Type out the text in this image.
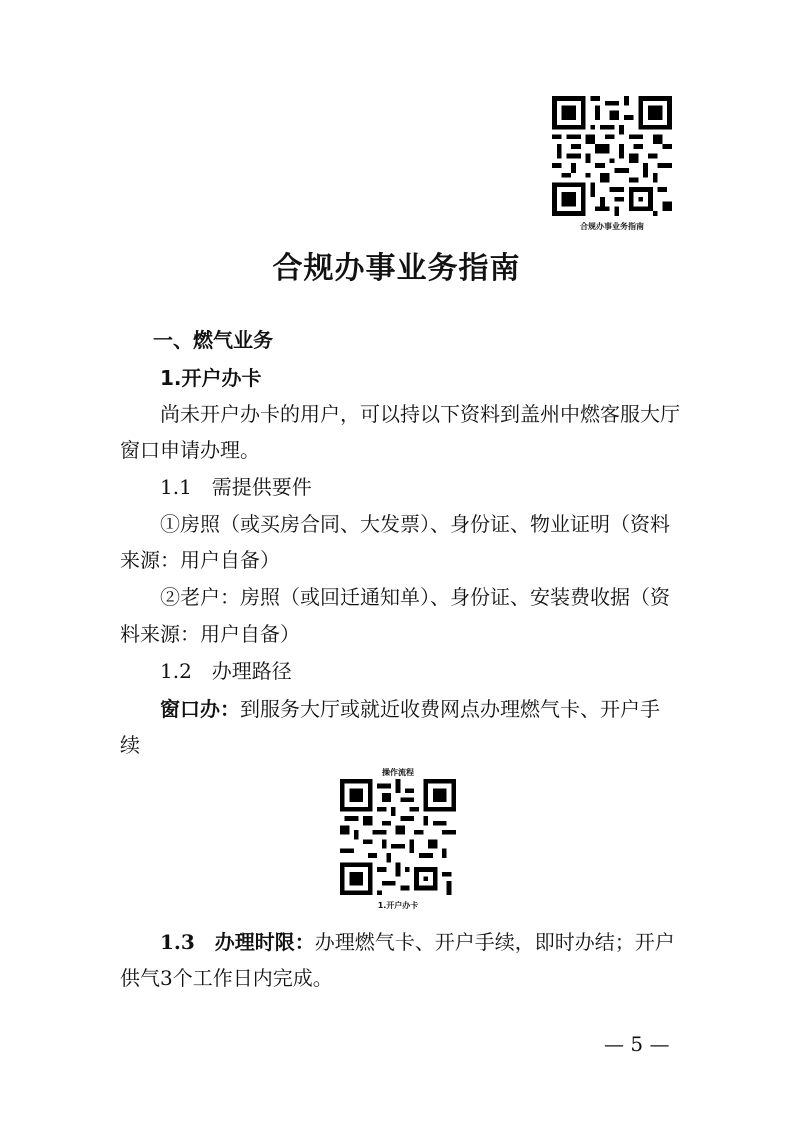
合规办事业务指南
合规办事业务指南
一、燃气业务
1.开户办卡
尚未开户办卡的用户，可以持以下资料到盖州中燃客服大厅
窗口申请办理。
1.1　需提供要件
①房照（或买房合同、大发票）、身份证、物业证明（资料
来源：用户自备）
②老户：房照（或回迁通知单）、身份证、安装费收据（资
料来源：用户自备）
1.2　办理路径
窗口办：到服务大厅或就近收费网点办理燃气卡、开户手
续
操作流程
1.开户办卡
1.3　办理时限：办理燃气卡、开户手续，即时办结；开户
供气3个工作日内完成。
— 5 —
